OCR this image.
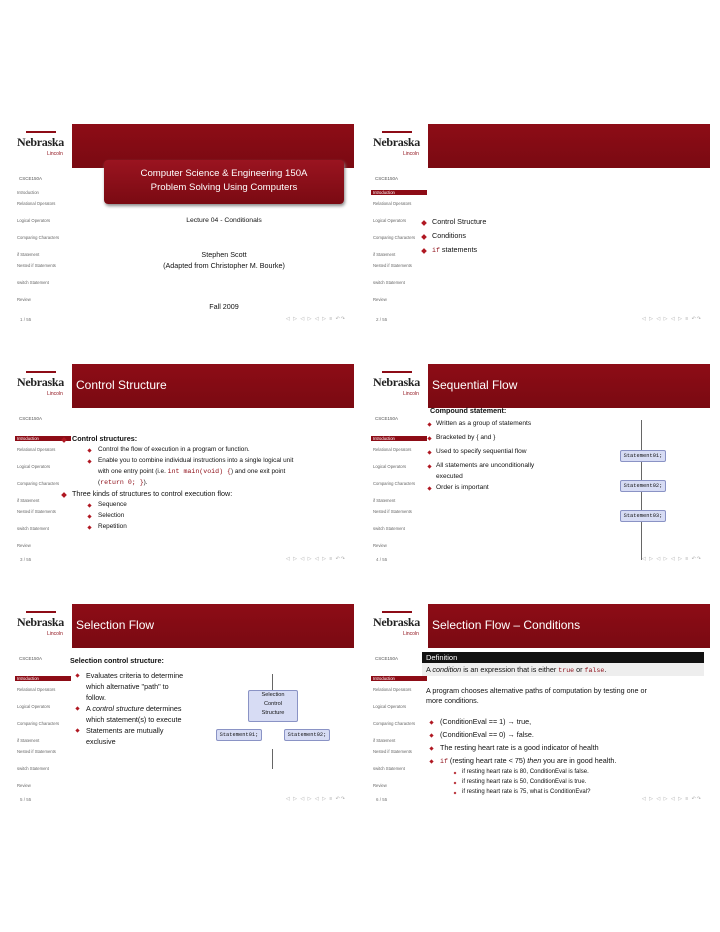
Nebraska
Lincoln
CSCE150A
Introduction
Relational Operators
Logical Operators
Comparing Characters
if Statement
Nested if Statements
switch Statement
Review
Computer Science & Engineering 150A
Problem Solving Using Computers
Lecture 04 - Conditionals
Stephen Scott
(Adapted from Christopher M. Bourke)
Fall 2009
1 / 55	◁ ▷ ◁ ▷ ◁ ▷ ≡ ↶↷
Nebraska
Lincoln
CSCE150A
Introduction
Relational Operators
Logical Operators
Comparing Characters
if Statement
Nested if Statements
switch Statement
Review
Control Structure
Conditions
if statements
2 / 55	◁ ▷ ◁ ▷ ◁ ▷ ≡ ↶↷
Nebraska
Lincoln
Control Structure
CSCE150A
Introduction
Relational Operators
Logical Operators
Comparing Characters
if Statement
Nested if Statements
switch Statement
Review
Control structures:
Control the flow of execution in a program or function.
Enable you to combine individual instructions into a single logical unit
with one entry point (i.e. int main(void) {) and one exit point
(return 0; }).
Three kinds of structures to control execution flow:
Sequence
Selection
Repetition
3 / 55	◁ ▷ ◁ ▷ ◁ ▷ ≡ ↶↷
Nebraska
Lincoln
Sequential Flow
CSCE150A
Introduction
Relational Operators
Logical Operators
Comparing Characters
if Statement
Nested if Statements
switch Statement
Review
Compound statement:
Written as a group of statements
Bracketed by { and }
Used to specify sequential flow
All statements are unconditionally
executed
Order is important
Statement01;
Statement02;
Statement03;
4 / 55	◁ ▷ ◁ ▷ ◁ ▷ ≡ ↶↷
Nebraska
Lincoln
Selection Flow
CSCE150A
Introduction
Relational Operators
Logical Operators
Comparing Characters
if Statement
Nested if Statements
switch Statement
Review
Selection control structure:
Evaluates criteria to determine
which alternative "path" to
follow.
A control structure determines
which statement(s) to execute
Statements are mutually
exclusive
Selection
Control
Structure
Statement01;	Statement02;
5 / 55	◁ ▷ ◁ ▷ ◁ ▷ ≡ ↶↷
Nebraska
Lincoln
Selection Flow – Conditions
CSCE150A
Introduction
Relational Operators
Logical Operators
Comparing Characters
if Statement
Nested if Statements
switch Statement
Review
Definition
A condition is an expression that is either true or false.
A program chooses alternative paths of computation by testing one or
more conditions.
(ConditionEval == 1) → true,
(ConditionEval == 0) → false.
The resting heart rate is a good indicator of health
if (resting heart rate < 75) then you are in good health.
if resting heart rate is 80, ConditionEval is false.
if resting heart rate is 50, ConditionEval is true.
if resting heart rate is 75, what is ConditionEval?
6 / 55	◁ ▷ ◁ ▷ ◁ ▷ ≡ ↶↷
